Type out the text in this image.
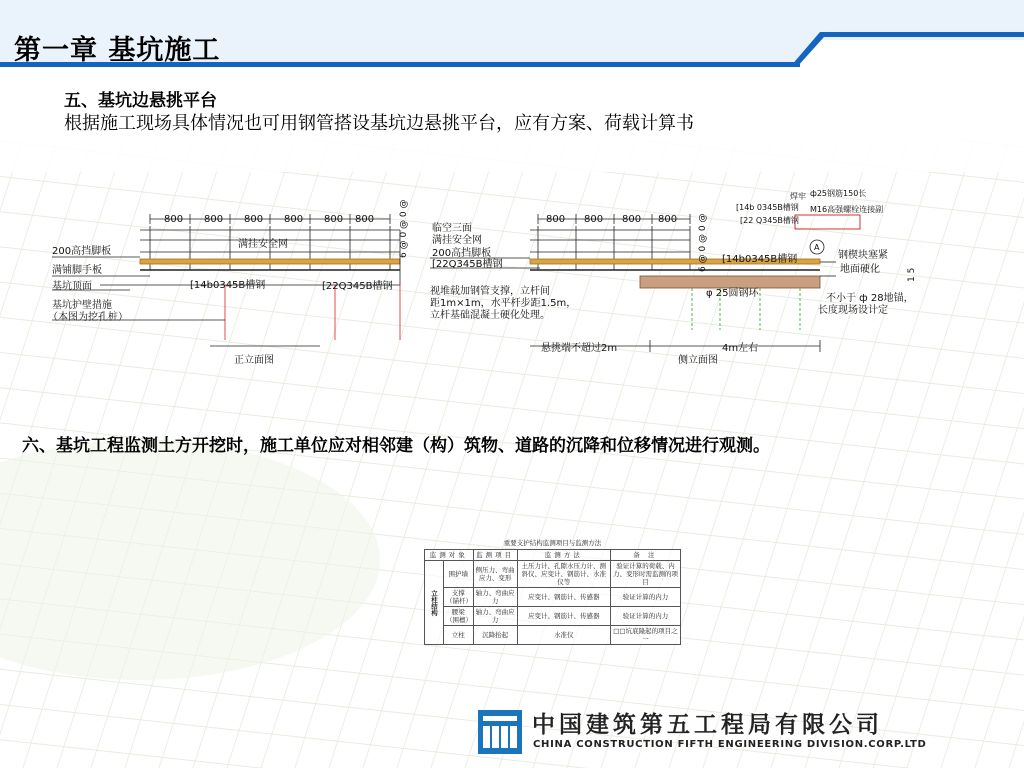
第一章 基坑施工
五、基坑边悬挑平台
根据施工现场具体情况也可用钢管搭设基坑边悬挑平台，应有方案、荷载计算书
800 800 800 800 800 800
满挂安全网	6 @ 0 @ 0 @
200高挡脚板
满铺脚手板
基坑顶面
基坑护壁措施
（本图为挖孔桩）
[14b0345B槽钢	[22Q345B槽钢
正立面图
800 800 800 800 6 @ 0 @ 0 @
临空三面
满挂安全网
200高挡脚板
[22Q345B槽钢
焊牢 ф25钢筋150长
[14b 0345B槽钢 M16高强螺栓连接副
[22 Q345B槽钢
A
钢楔块塞紧
地面硬化
[14b0345B槽钢
1 5
φ 25圆钢环	不小于 ф 28地锚，
长度现场设计定
视堆载加钢管支撑，立杆间
距1m×1m，水平杆步距1.5m，
立杆基础混凝土硬化处理。
悬挑端不超过2m	4m左右
侧立面图
六、基坑工程监测土方开挖时，施工单位应对相邻建（构）筑物、道路的沉降和位移情况进行观测。
重要支护结构监测项目与监测方法
监测对象		监测项目	监测方法	备 注
立柱结构	围护墙	侧压力、弯曲应力、变形	土压力计、孔隙水压力计、测斜仪、应变计、钢筋计、水准仪等	验证计算的荷载、内力、变形时需监测的项目
	支撑（锚杆）	轴力、弯曲应力	应变计、钢筋计、传感器	验证计算的内力
	腰梁（围檩）	轴力、弯曲应力	应变计、钢筋计、传感器	验证计算的内力
	立柱	沉降抬起	水准仪	□□坑底隆起的项目之一
中国建筑第五工程局有限公司
CHINA CONSTRUCTION FIFTH ENGINEERING DIVISION.CORP.LTD
